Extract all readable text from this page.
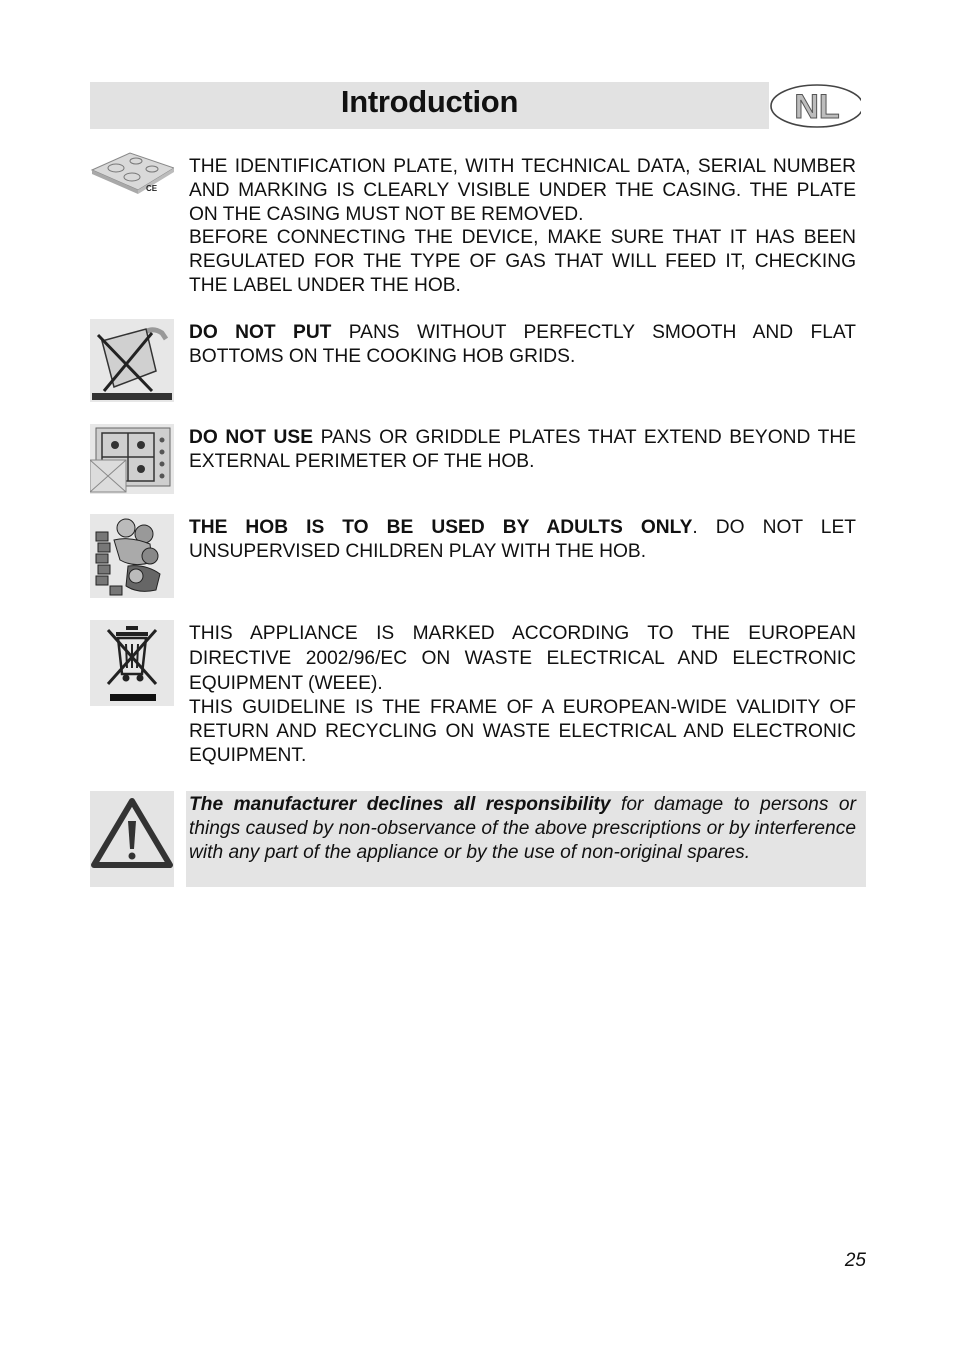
Introduction	NL
CE

THE IDENTIFICATION PLATE, WITH TECHNICAL DATA, SERIAL NUMBER AND MARKING IS CLEARLY VISIBLE UNDER THE CASING. THE PLATE ON THE CASING MUST NOT BE REMOVED.

BEFORE CONNECTING THE DEVICE, MAKE SURE THAT IT HAS BEEN REGULATED FOR THE TYPE OF GAS THAT WILL FEED IT, CHECKING THE LABEL UNDER THE HOB.

DO NOT PUT PANS WITHOUT PERFECTLY SMOOTH AND FLAT BOTTOMS ON THE COOKING HOB GRIDS.

DO NOT USE PANS OR GRIDDLE PLATES THAT EXTEND BEYOND THE EXTERNAL PERIMETER OF THE HOB.

THE HOB IS TO BE USED BY ADULTS ONLY. DO NOT LET UNSUPERVISED CHILDREN PLAY WITH THE HOB.

THIS APPLIANCE IS MARKED ACCORDING TO THE EUROPEAN DIRECTIVE 2002/96/EC ON WASTE ELECTRICAL AND ELECTRONIC EQUIPMENT (WEEE).

THIS GUIDELINE IS THE FRAME OF A EUROPEAN-WIDE VALIDITY OF RETURN AND RECYCLING ON WASTE ELECTRICAL AND ELECTRONIC EQUIPMENT.

The manufacturer declines all responsibility for damage to persons or things caused by non-observance of the above prescriptions or by interference with any part of the appliance or by the use of non-original spares.

25
